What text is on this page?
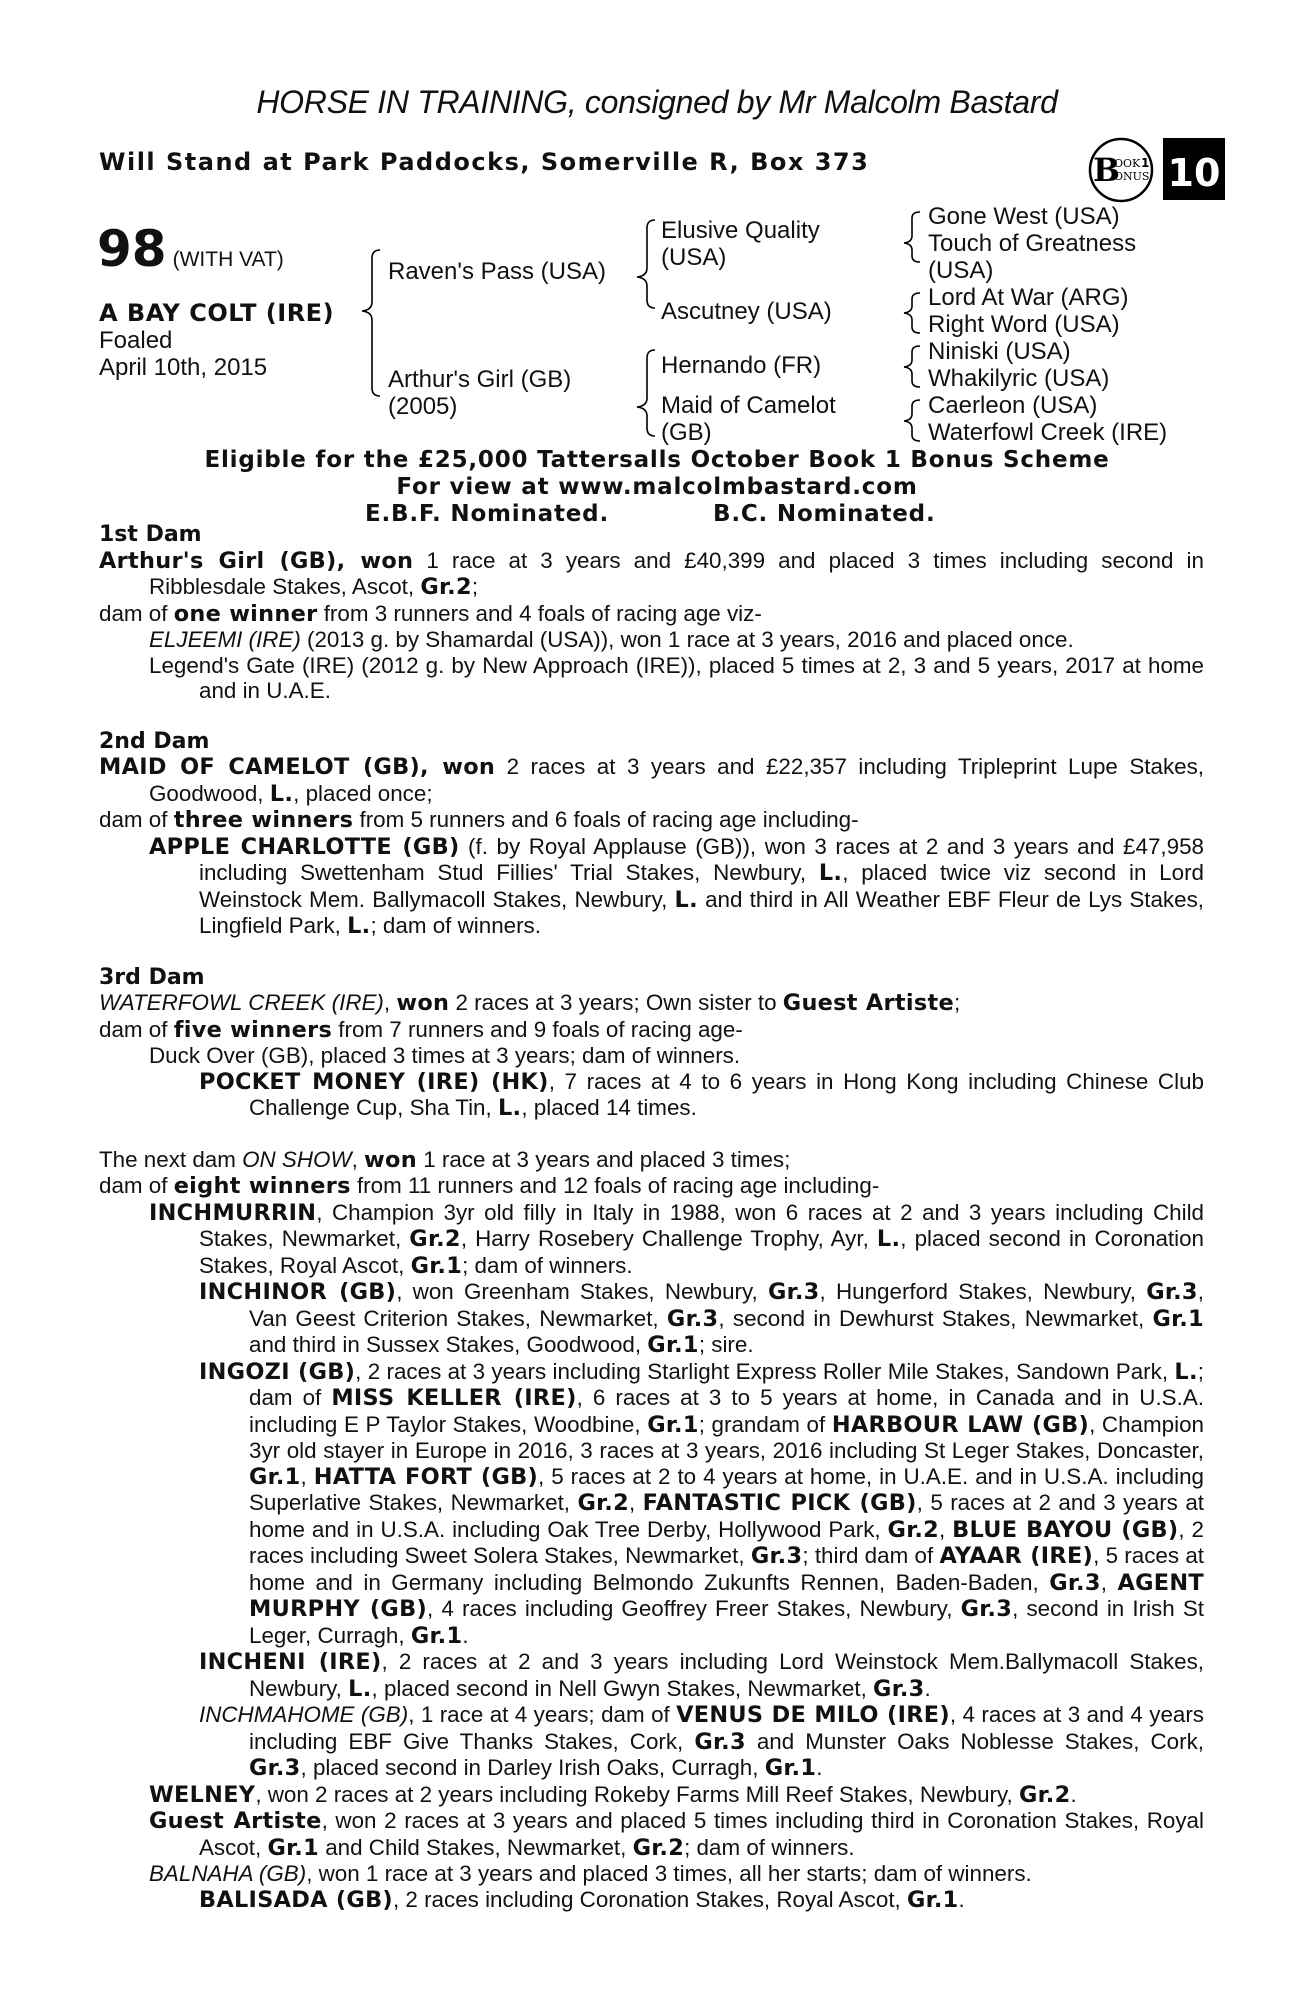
HORSE IN TRAINING, consigned by Mr Malcolm Bastard
Will Stand at Park Paddocks, Somerville R, Box 373	B
OOK 1
ONUS
+
10
98 (WITH VAT)
A BAY COLT (IRE)
Foaled
April 10th, 2015
Raven's Pass (USA)
Arthur's Girl (GB)
(2005)
Elusive Quality
(USA)
Ascutney (USA)
Hernando (FR)
Maid of Camelot
(GB)
Gone West (USA)
Touch of Greatness
(USA)
Lord At War (ARG)
Right Word (USA)
Niniski (USA)
Whakilyric (USA)
Caerleon (USA)
Waterfowl Creek (IRE)
Eligible for the £25,000 Tattersalls October Book 1 Bonus Scheme
For view at www.malcolmbastard.com
E.B.F. Nominated.	B.C. Nominated.

1st Dam

Arthur's Girl (GB), won 1 race at 3 years and £40,399 and placed 3 times including second in Ribblesdale Stakes, Ascot, Gr.2;

dam of one winner from 3 runners and 4 foals of racing age viz-

ELJEEMI (IRE) (2013 g. by Shamardal (USA)), won 1 race at 3 years, 2016 and placed once.

Legend's Gate (IRE) (2012 g. by New Approach (IRE)), placed 5 times at 2, 3 and 5 years, 2017 at home and in U.A.E.

2nd Dam

MAID OF CAMELOT (GB), won 2 races at 3 years and £22,357 including Tripleprint Lupe Stakes, Goodwood, L., placed once;

dam of three winners from 5 runners and 6 foals of racing age including-

APPLE CHARLOTTE (GB) (f. by Royal Applause (GB)), won 3 races at 2 and 3 years and £47,958 including Swettenham Stud Fillies' Trial Stakes, Newbury, L., placed twice viz second in Lord Weinstock Mem. Ballymacoll Stakes, Newbury, L. and third in All Weather EBF Fleur de Lys Stakes, Lingfield Park, L.; dam of winners.

3rd Dam

WATERFOWL CREEK (IRE), won 2 races at 3 years; Own sister to Guest Artiste;

dam of five winners from 7 runners and 9 foals of racing age-

Duck Over (GB), placed 3 times at 3 years; dam of winners.

POCKET MONEY (IRE) (HK), 7 races at 4 to 6 years in Hong Kong including Chinese Club Challenge Cup, Sha Tin, L., placed 14 times.

The next dam ON SHOW, won 1 race at 3 years and placed 3 times;

dam of eight winners from 11 runners and 12 foals of racing age including-

INCHMURRIN, Champion 3yr old filly in Italy in 1988, won 6 races at 2 and 3 years including Child Stakes, Newmarket, Gr.2, Harry Rosebery Challenge Trophy, Ayr, L., placed second in Coronation Stakes, Royal Ascot, Gr.1; dam of winners.

INCHINOR (GB), won Greenham Stakes, Newbury, Gr.3, Hungerford Stakes, Newbury, Gr.3, Van Geest Criterion Stakes, Newmarket, Gr.3, second in Dewhurst Stakes, Newmarket, Gr.1 and third in Sussex Stakes, Goodwood, Gr.1; sire.

INGOZI (GB), 2 races at 3 years including Starlight Express Roller Mile Stakes, Sandown Park, L.; dam of MISS KELLER (IRE), 6 races at 3 to 5 years at home, in Canada and in U.S.A. including E P Taylor Stakes, Woodbine, Gr.1; grandam of HARBOUR LAW (GB), Champion 3yr old stayer in Europe in 2016, 3 races at 3 years, 2016 including St Leger Stakes, Doncaster, Gr.1, HATTA FORT (GB), 5 races at 2 to 4 years at home, in U.A.E. and in U.S.A. including Superlative Stakes, Newmarket, Gr.2, FANTASTIC PICK (GB), 5 races at 2 and 3 years at home and in U.S.A. including Oak Tree Derby, Hollywood Park, Gr.2, BLUE BAYOU (GB), 2 races including Sweet Solera Stakes, Newmarket, Gr.3; third dam of AYAAR (IRE), 5 races at home and in Germany including Belmondo Zukunfts Rennen, Baden-Baden, Gr.3, AGENT MURPHY (GB), 4 races including Geoffrey Freer Stakes, Newbury, Gr.3, second in Irish St Leger, Curragh, Gr.1.

INCHENI (IRE), 2 races at 2 and 3 years including Lord Weinstock Mem.Ballymacoll Stakes, Newbury, L., placed second in Nell Gwyn Stakes, Newmarket, Gr.3.

INCHMAHOME (GB), 1 race at 4 years; dam of VENUS DE MILO (IRE), 4 races at 3 and 4 years including EBF Give Thanks Stakes, Cork, Gr.3 and Munster Oaks Noblesse Stakes, Cork, Gr.3, placed second in Darley Irish Oaks, Curragh, Gr.1.

WELNEY, won 2 races at 2 years including Rokeby Farms Mill Reef Stakes, Newbury, Gr.2.

Guest Artiste, won 2 races at 3 years and placed 5 times including third in Coronation Stakes, Royal Ascot, Gr.1 and Child Stakes, Newmarket, Gr.2; dam of winners.

BALNAHA (GB), won 1 race at 3 years and placed 3 times, all her starts; dam of winners.

BALISADA (GB), 2 races including Coronation Stakes, Royal Ascot, Gr.1.
